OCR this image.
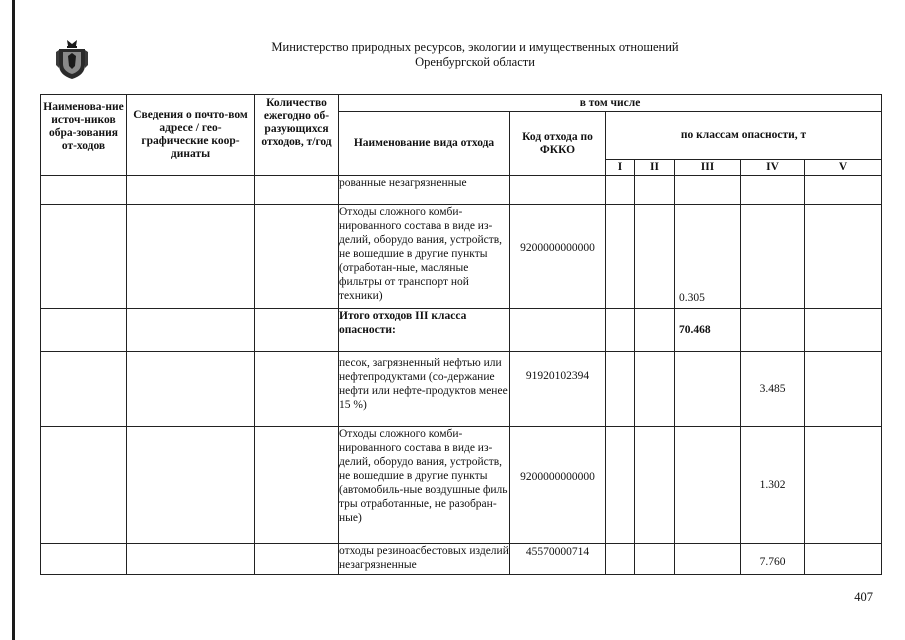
Министерство природных ресурсов, экологии и имущественных отношений
Оренбургской области
Наименова-ние источ-ников обра-зования от-ходов	Сведения о почто-вом адресе / гео-графические коор-динаты	Количество ежегодно об-разующихся отходов, т/год	в том числе						
			Наименование вида отхода	Код отхода по ФККО	по классам опасности, т				
					I	II	III	IV	V
			рованные незагрязненные						
			Отходы сложного комби-нированного состава в виде из-делий, оборудо вания, устройств, не вошедшие в другие пункты (отработан-ные, масляные фильтры от транспорт ной техники)	9200000000000			0.305		
			Итого отходов III класса опасности:				70.468		
			песок, загрязненный нефтью или нефтепродуктами (со-держание нефти или нефте-продуктов менее 15 %)	91920102394				3.485	
			Отходы сложного комби-нированного состава в виде из-делий, оборудо вания, устройств, не вошедшие в другие пункты (автомобиль-ные воздушные филь тры отработанные, не разобран-ные)	9200000000000				1.302	
			отходы резиноасбестовых изделий незагрязненные	45570000714				7.760	
407
